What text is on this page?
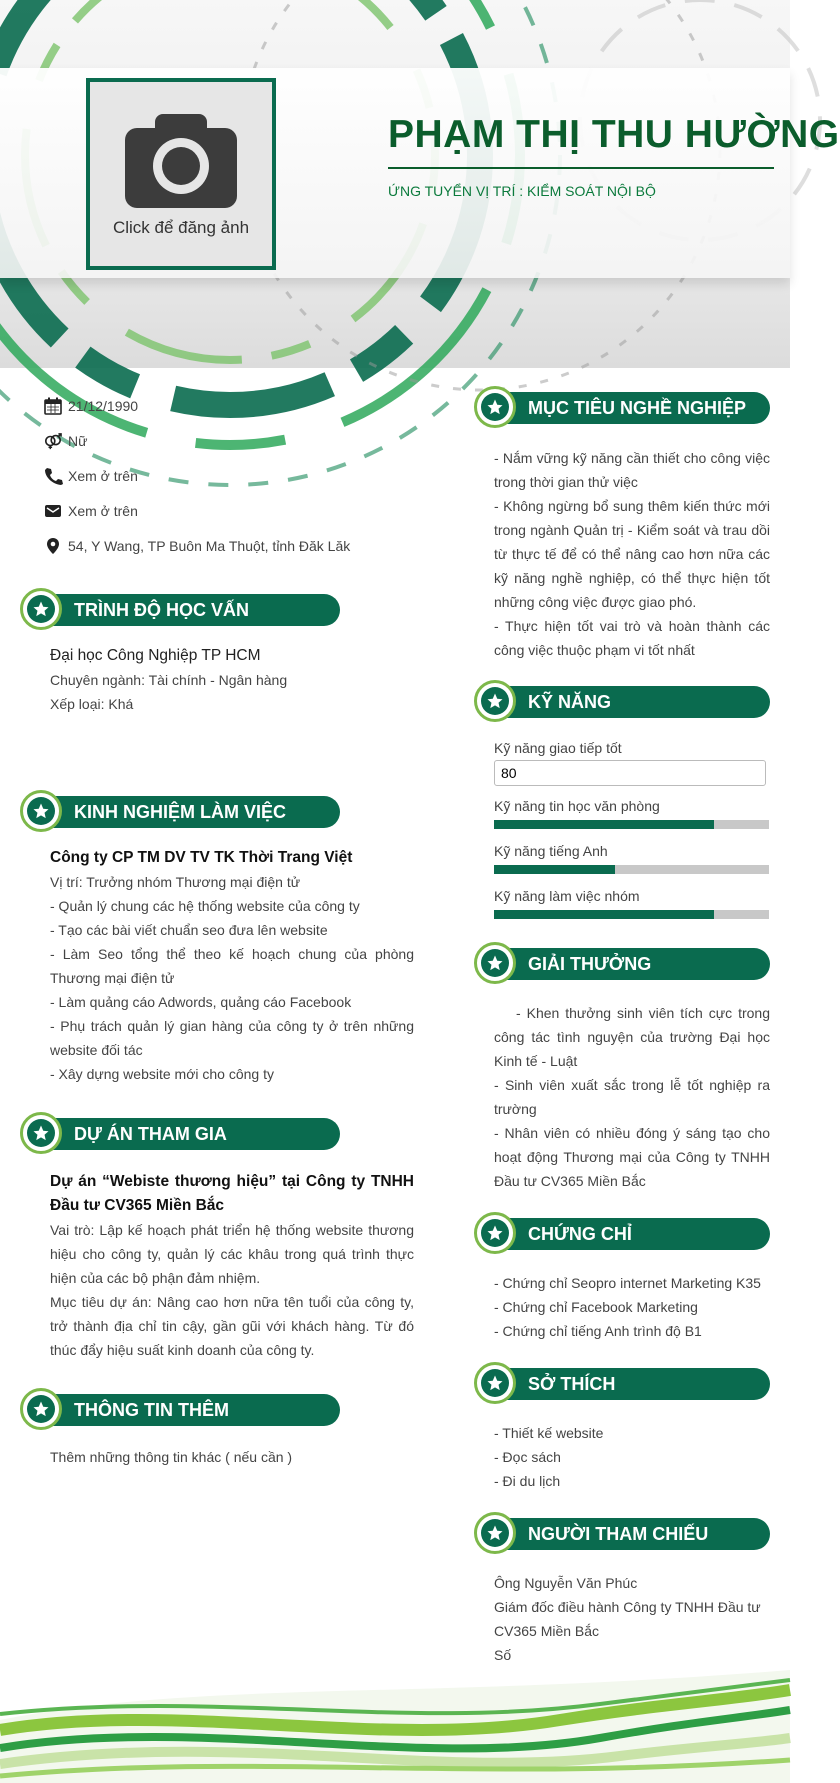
Click để đăng ảnh
PHẠM THỊ THU HƯỜNG
ỨNG TUYỂN VỊ TRÍ : KIỂM SOÁT NỘI BỘ
21/12/1990
Nữ
Xem ở trên
Xem ở trên
54, Y Wang, TP Buôn Ma Thuột, tỉnh Đăk Lăk
TRÌNH ĐỘ HỌC VẤN

Đại học Công Nghiệp TP HCM

Chuyên ngành: Tài chính - Ngân hàng

Xếp loại: Khá

KINH NGHIỆM LÀM VIỆC

Công ty CP TM DV TV TK Thời Trang Việt

Vị trí: Trưởng nhóm Thương mại điện tử

- Quản lý chung các hệ thống website của công ty

- Tạo các bài viết chuẩn seo đưa lên website

- Làm Seo tổng thể theo kế hoạch chung của phòng Thương mại điện tử

- Làm quảng cáo Adwords, quảng cáo Facebook

- Phụ trách quản lý gian hàng của công ty ở trên những website đối tác

- Xây dựng website mới cho công ty

DỰ ÁN THAM GIA

Dự án “Webiste thương hiệu” tại Công ty TNHH Đầu tư CV365 Miền Bắc

Vai trò: Lập kế hoạch phát triển hệ thống website thương hiệu cho công ty, quản lý các khâu trong quá trình thực hiện của các bộ phận đảm nhiệm.

Mục tiêu dự án: Nâng cao hơn nữa tên tuổi của công ty, trở thành địa chỉ tin cậy, gần gũi với khách hàng. Từ đó thúc đẩy hiệu suất kinh doanh của công ty.

THÔNG TIN THÊM

Thêm những thông tin khác ( nếu cần )

MỤC TIÊU NGHỀ NGHIỆP

- Nắm vững kỹ năng cần thiết cho công việc trong thời gian thử việc

- Không ngừng bổ sung thêm kiến thức mới trong ngành Quản trị - Kiểm soát và trau dồi từ thực tế để có thể nâng cao hơn nữa các kỹ năng nghề nghiệp, có thể thực hiện tốt những công việc được giao phó.

- Thực hiện tốt vai trò và hoàn thành các công việc thuộc phạm vi tốt nhất

KỸ NĂNG
Kỹ năng giao tiếp tốt
80
Kỹ năng tin học văn phòng
Kỹ năng tiếng Anh
Kỹ năng làm việc nhóm
GIẢI THƯỞNG

- Khen thưởng sinh viên tích cực trong công tác tình nguyện của trường Đại học Kinh tế - Luật

- Sinh viên xuất sắc trong lễ tốt nghiệp ra trường

- Nhân viên có nhiều đóng ý sáng tạo cho hoạt động Thương mại của Công ty TNHH Đầu tư CV365 Miền Bắc

CHỨNG CHỈ

- Chứng chỉ Seopro internet Marketing K35

- Chứng chỉ Facebook Marketing

- Chứng chỉ tiếng Anh trình độ B1

SỞ THÍCH

- Thiết kế website

- Đọc sách

- Đi du lịch

NGƯỜI THAM CHIẾU

Ông Nguyễn Văn Phúc

Giám đốc điều hành Công ty TNHH Đầu tư CV365 Miền Bắc

Số
